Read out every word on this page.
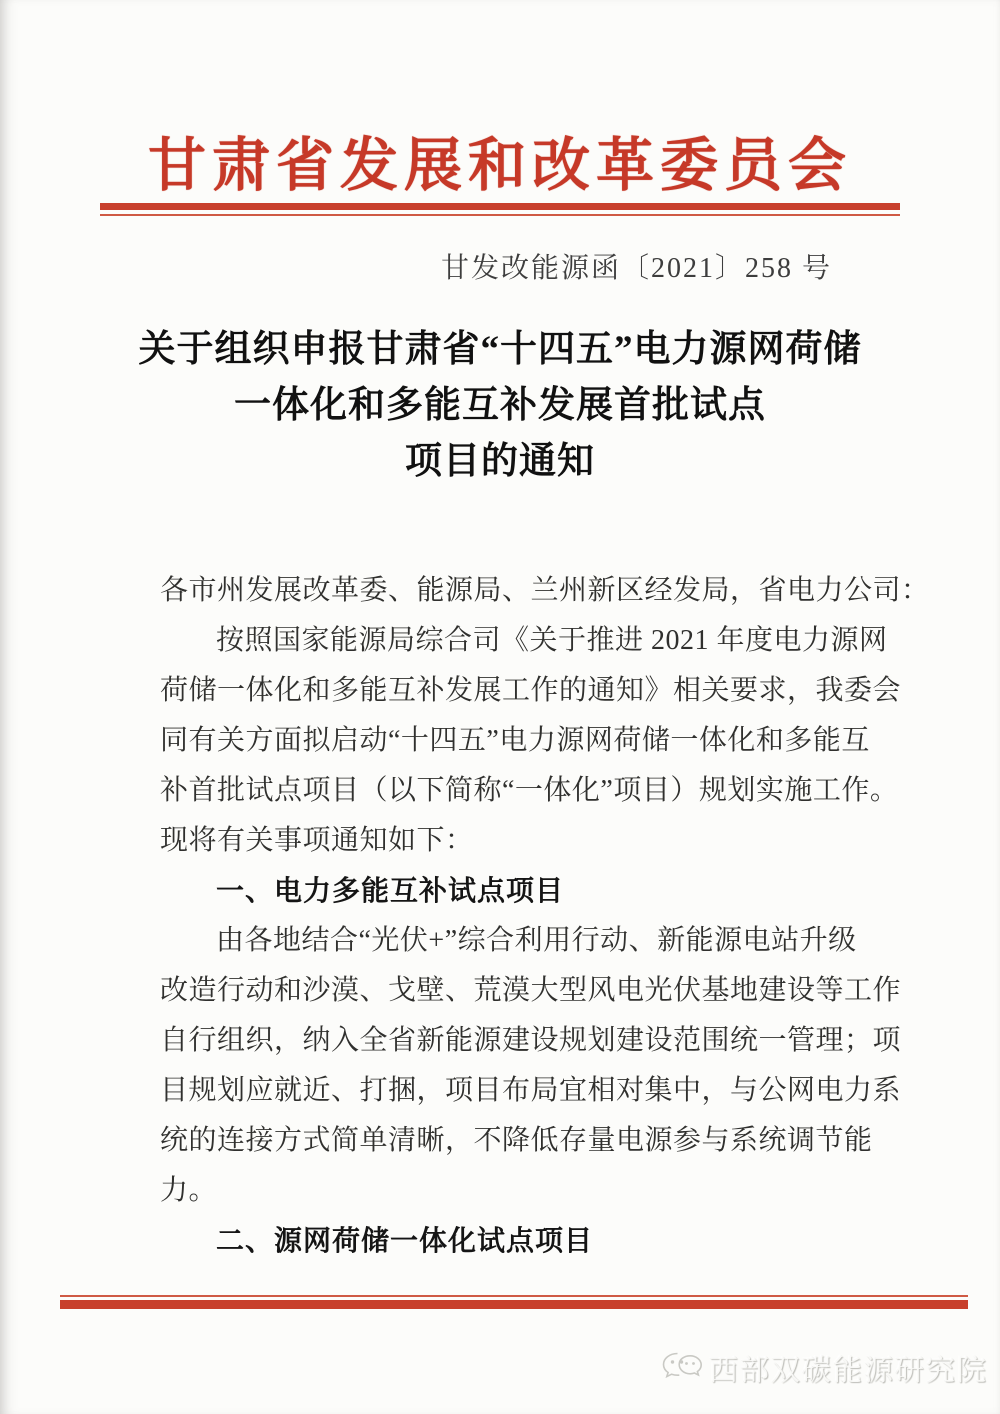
甘肃省发展和改革委员会
甘发改能源函〔2021〕258 号
关于组织申报甘肃省“十四五”电力源网荷储
一体化和多能互补发展首批试点
项目的通知
各市州发展改革委、能源局、兰州新区经发局，省电力公司：
按照国家能源局综合司《关于推进 2021 年度电力源网
荷储一体化和多能互补发展工作的通知》相关要求，我委会
同有关方面拟启动“十四五”电力源网荷储一体化和多能互
补首批试点项目（以下简称“一体化”项目）规划实施工作。
现将有关事项通知如下：
一、电力多能互补试点项目
由各地结合“光伏+”综合利用行动、新能源电站升级
改造行动和沙漠、戈壁、荒漠大型风电光伏基地建设等工作
自行组织，纳入全省新能源建设规划建设范围统一管理；项
目规划应就近、打捆，项目布局宜相对集中，与公网电力系
统的连接方式简单清晰，不降低存量电源参与系统调节能
力。
二、源网荷储一体化试点项目
西部双碳能源研究院
